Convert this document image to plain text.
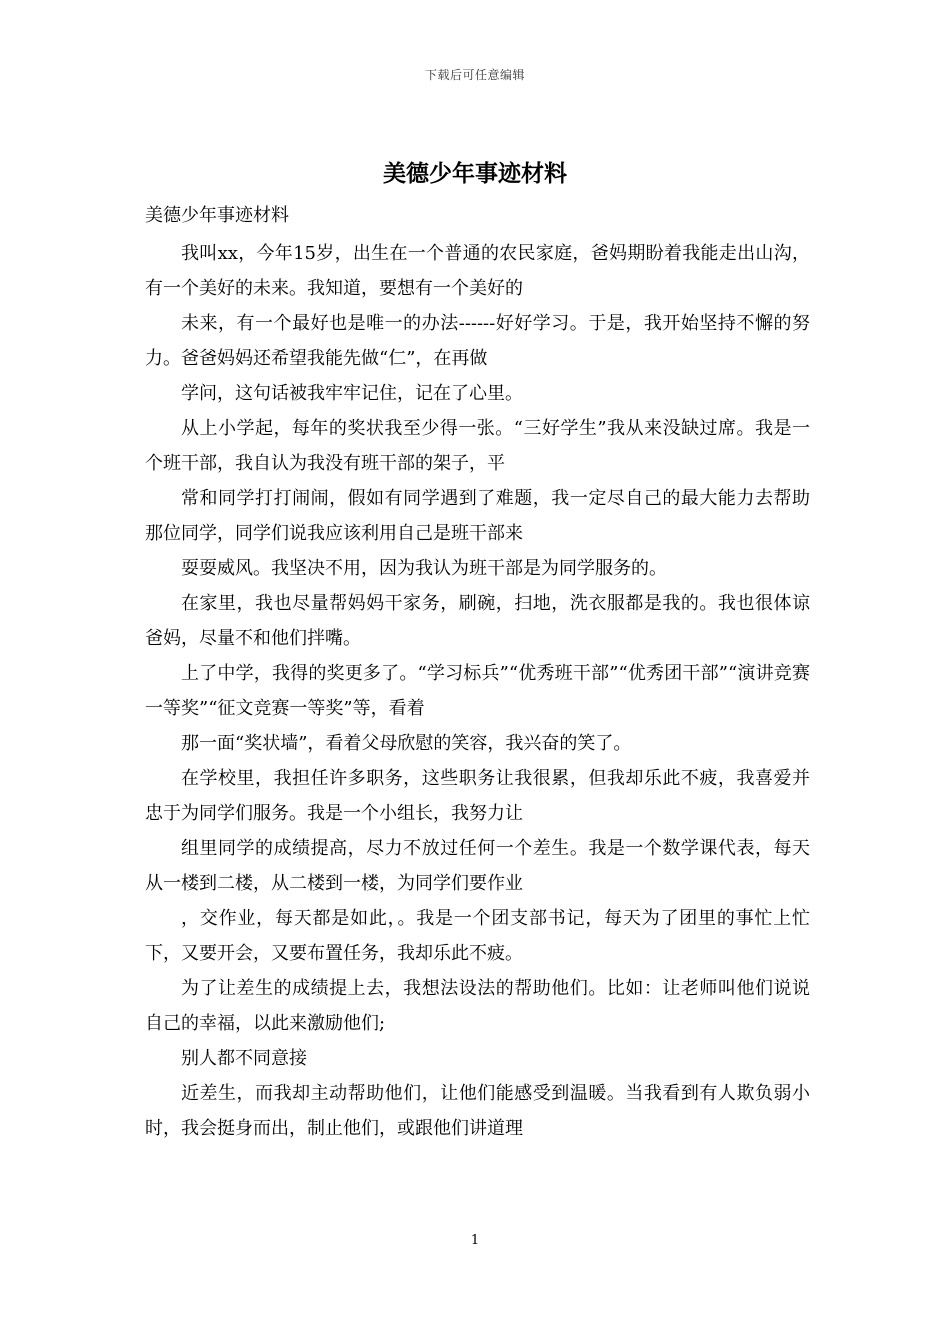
下载后可任意编辑
美德少年事迹材料
美德少年事迹材料

我叫xx，今年15岁，出生在一个普通的农民家庭，爸妈期盼着我能走出山沟，有一个美好的未来。我知道，要想有一个美好的

未来，有一个最好也是唯一的办法------好好学习。于是，我开始坚持不懈的努力。爸爸妈妈还希望我能先做“仁”，在再做

学问，这句话被我牢牢记住，记在了心里。

从上小学起，每年的奖状我至少得一张。“三好学生”我从来没缺过席。我是一个班干部，我自认为我没有班干部的架子，平

常和同学打打闹闹，假如有同学遇到了难题，我一定尽自己的最大能力去帮助那位同学，同学们说我应该利用自己是班干部来

耍耍威风。我坚决不用，因为我认为班干部是为同学服务的。

在家里，我也尽量帮妈妈干家务，刷碗，扫地，洗衣服都是我的。我也很体谅爸妈，尽量不和他们拌嘴。

上了中学，我得的奖更多了。“学习标兵”“优秀班干部”“优秀团干部”“演讲竞赛一等奖”“征文竞赛一等奖”等，看着

那一面“奖状墙”，看着父母欣慰的笑容，我兴奋的笑了。

在学校里，我担任许多职务，这些职务让我很累，但我却乐此不疲，我喜爱并忠于为同学们服务。我是一个小组长，我努力让

组里同学的成绩提高，尽力不放过任何一个差生。我是一个数学课代表，每天从一楼到二楼，从二楼到一楼，为同学们要作业

，交作业，每天都是如此，。我是一个团支部书记，每天为了团里的事忙上忙下，又要开会，又要布置任务，我却乐此不疲。

为了让差生的成绩提上去，我想法设法的帮助他们。比如：让老师叫他们说说自己的幸福，以此来激励他们;

别人都不同意接

近差生，而我却主动帮助他们，让他们能感受到温暖。当我看到有人欺负弱小时，我会挺身而出，制止他们，或跟他们讲道理

1
